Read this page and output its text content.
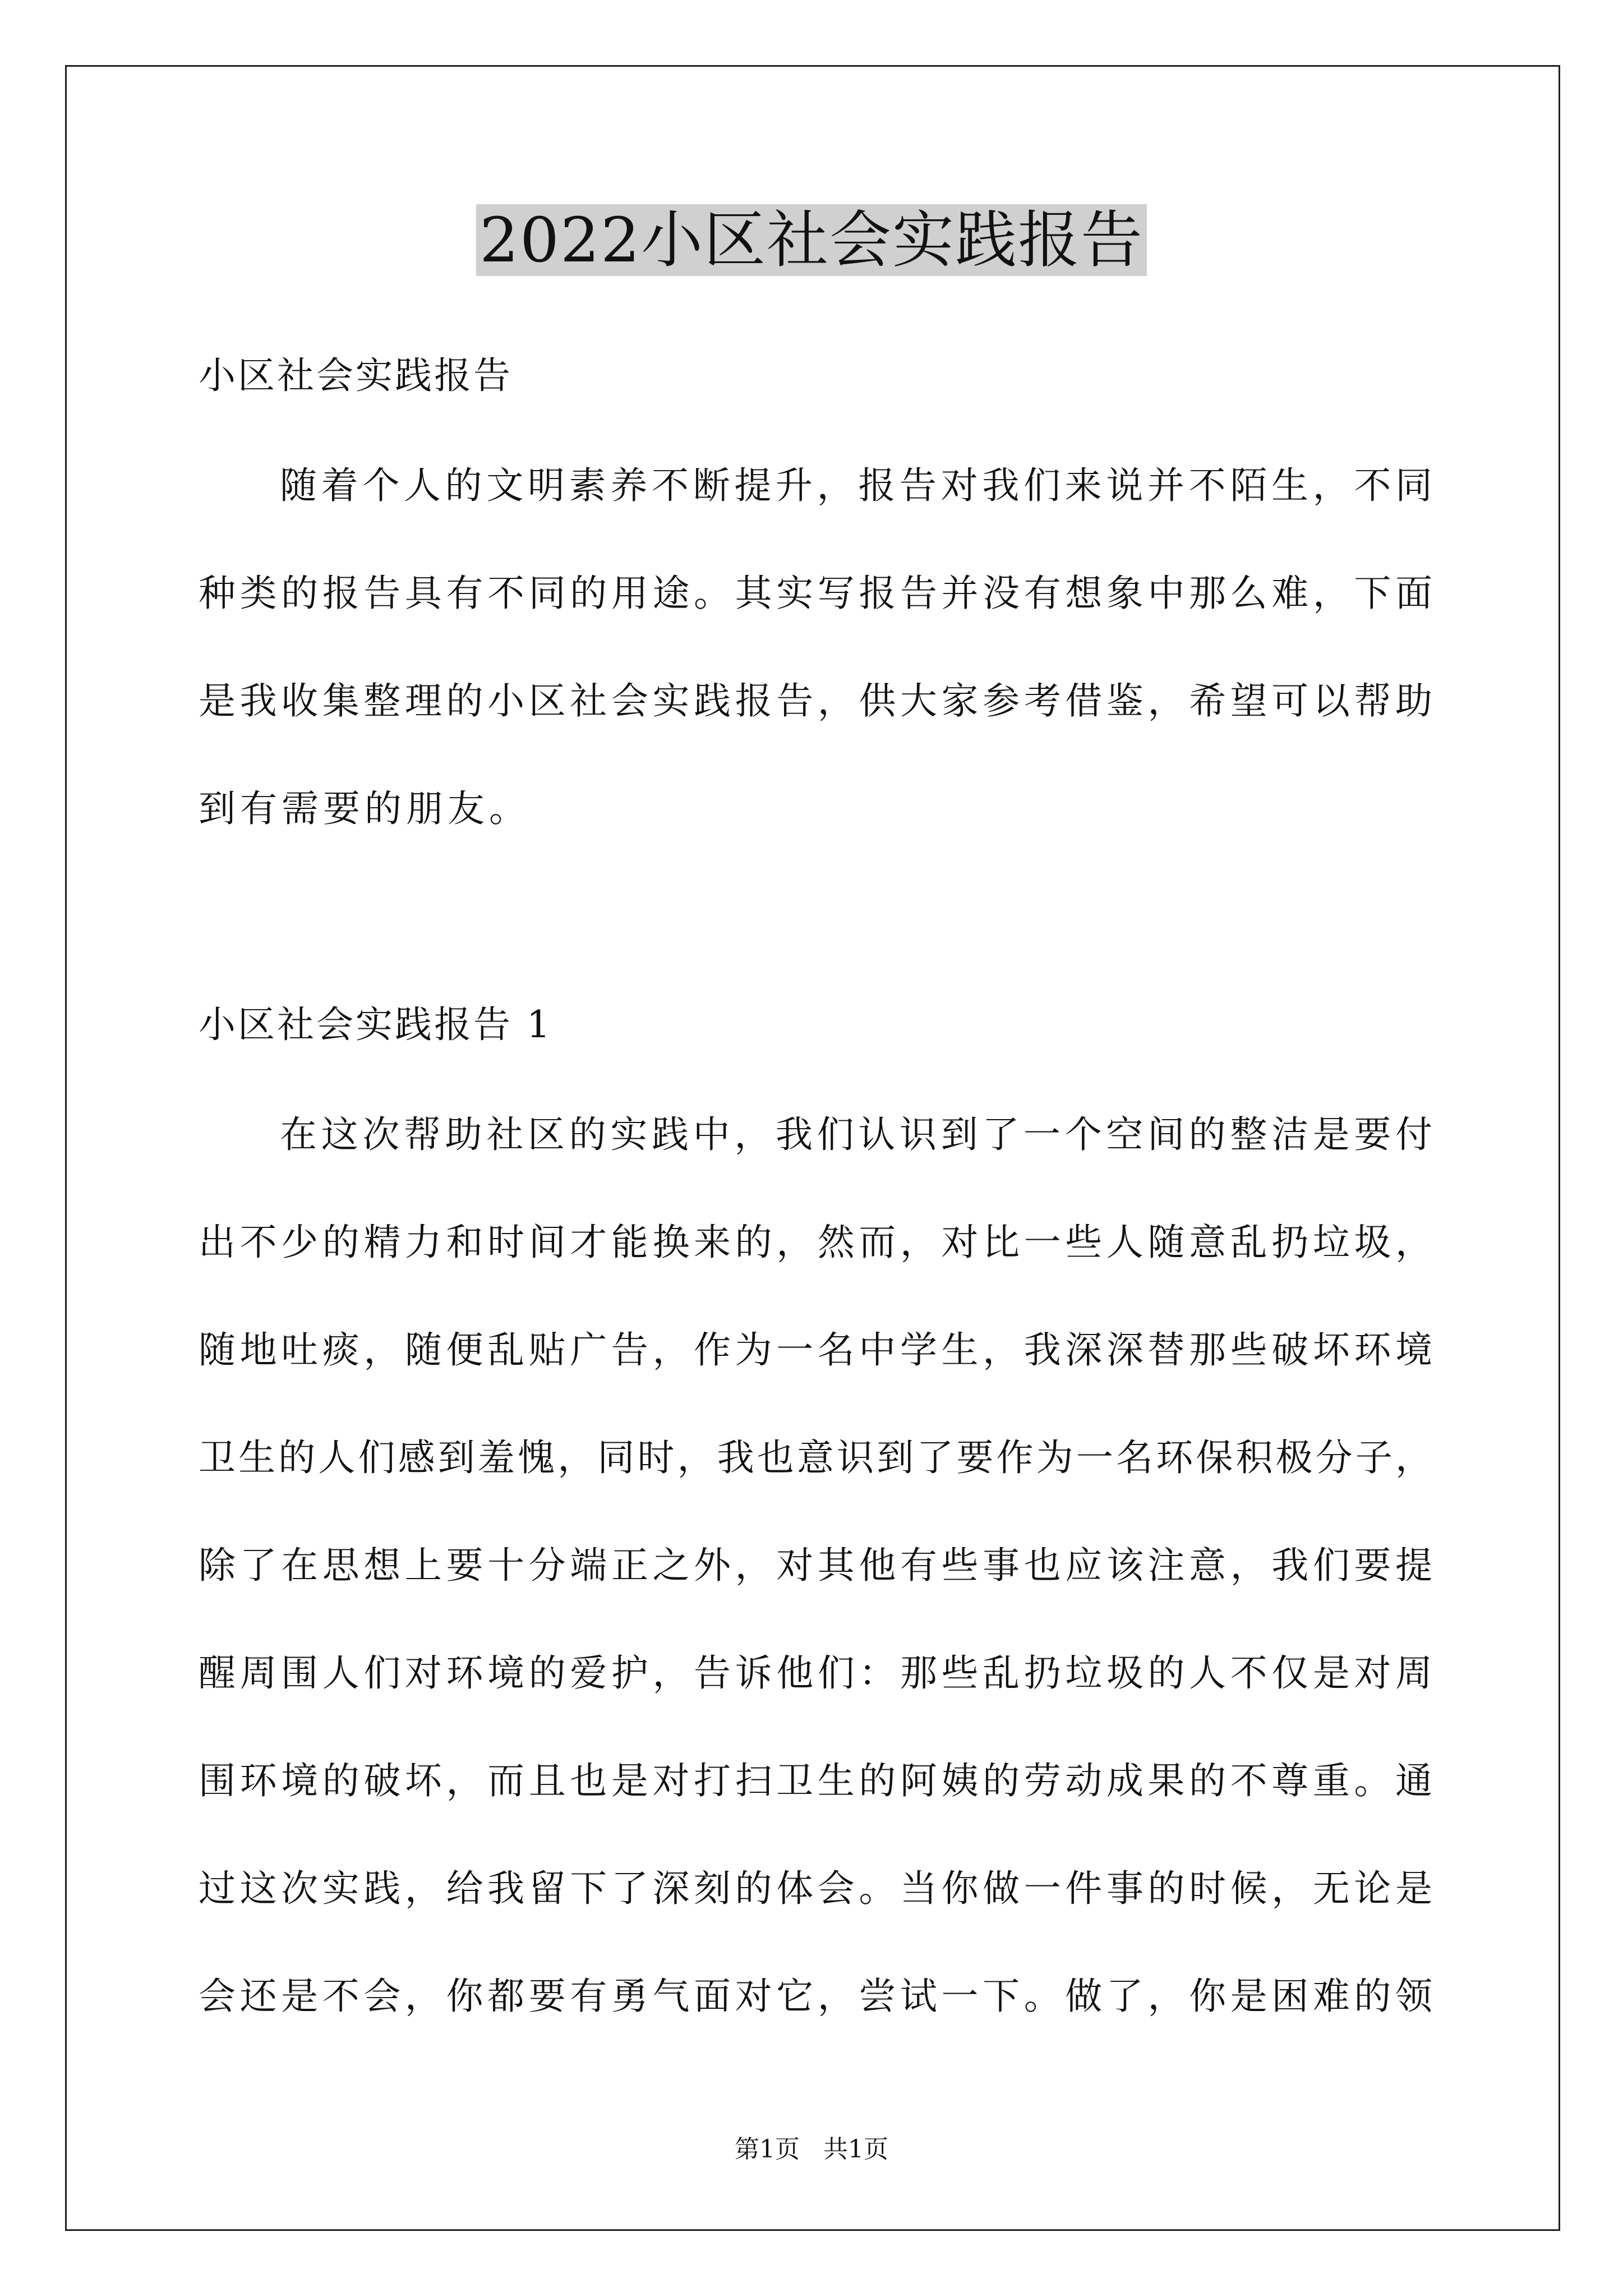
2022小区社会实践报告
小区社会实践报告
随着个人的文明素养不断提升，报告对我们来说并不陌生，不同
种类的报告具有不同的用途。其实写报告并没有想象中那么难，下面
是我收集整理的小区社会实践报告，供大家参考借鉴，希望可以帮助
到有需要的朋友。
小区社会实践报告 1
在这次帮助社区的实践中，我们认识到了一个空间的整洁是要付
出不少的精力和时间才能换来的，然而，对比一些人随意乱扔垃圾，
随地吐痰，随便乱贴广告，作为一名中学生，我深深替那些破坏环境
卫生的人们感到羞愧，同时，我也意识到了要作为一名环保积极分子，
除了在思想上要十分端正之外，对其他有些事也应该注意，我们要提
醒周围人们对环境的爱护，告诉他们：那些乱扔垃圾的人不仅是对周
围环境的破坏，而且也是对打扫卫生的阿姨的劳动成果的不尊重。通
过这次实践，给我留下了深刻的体会。当你做一件事的时候，无论是
会还是不会，你都要有勇气面对它，尝试一下。做了，你是困难的领
第1页   共1页
